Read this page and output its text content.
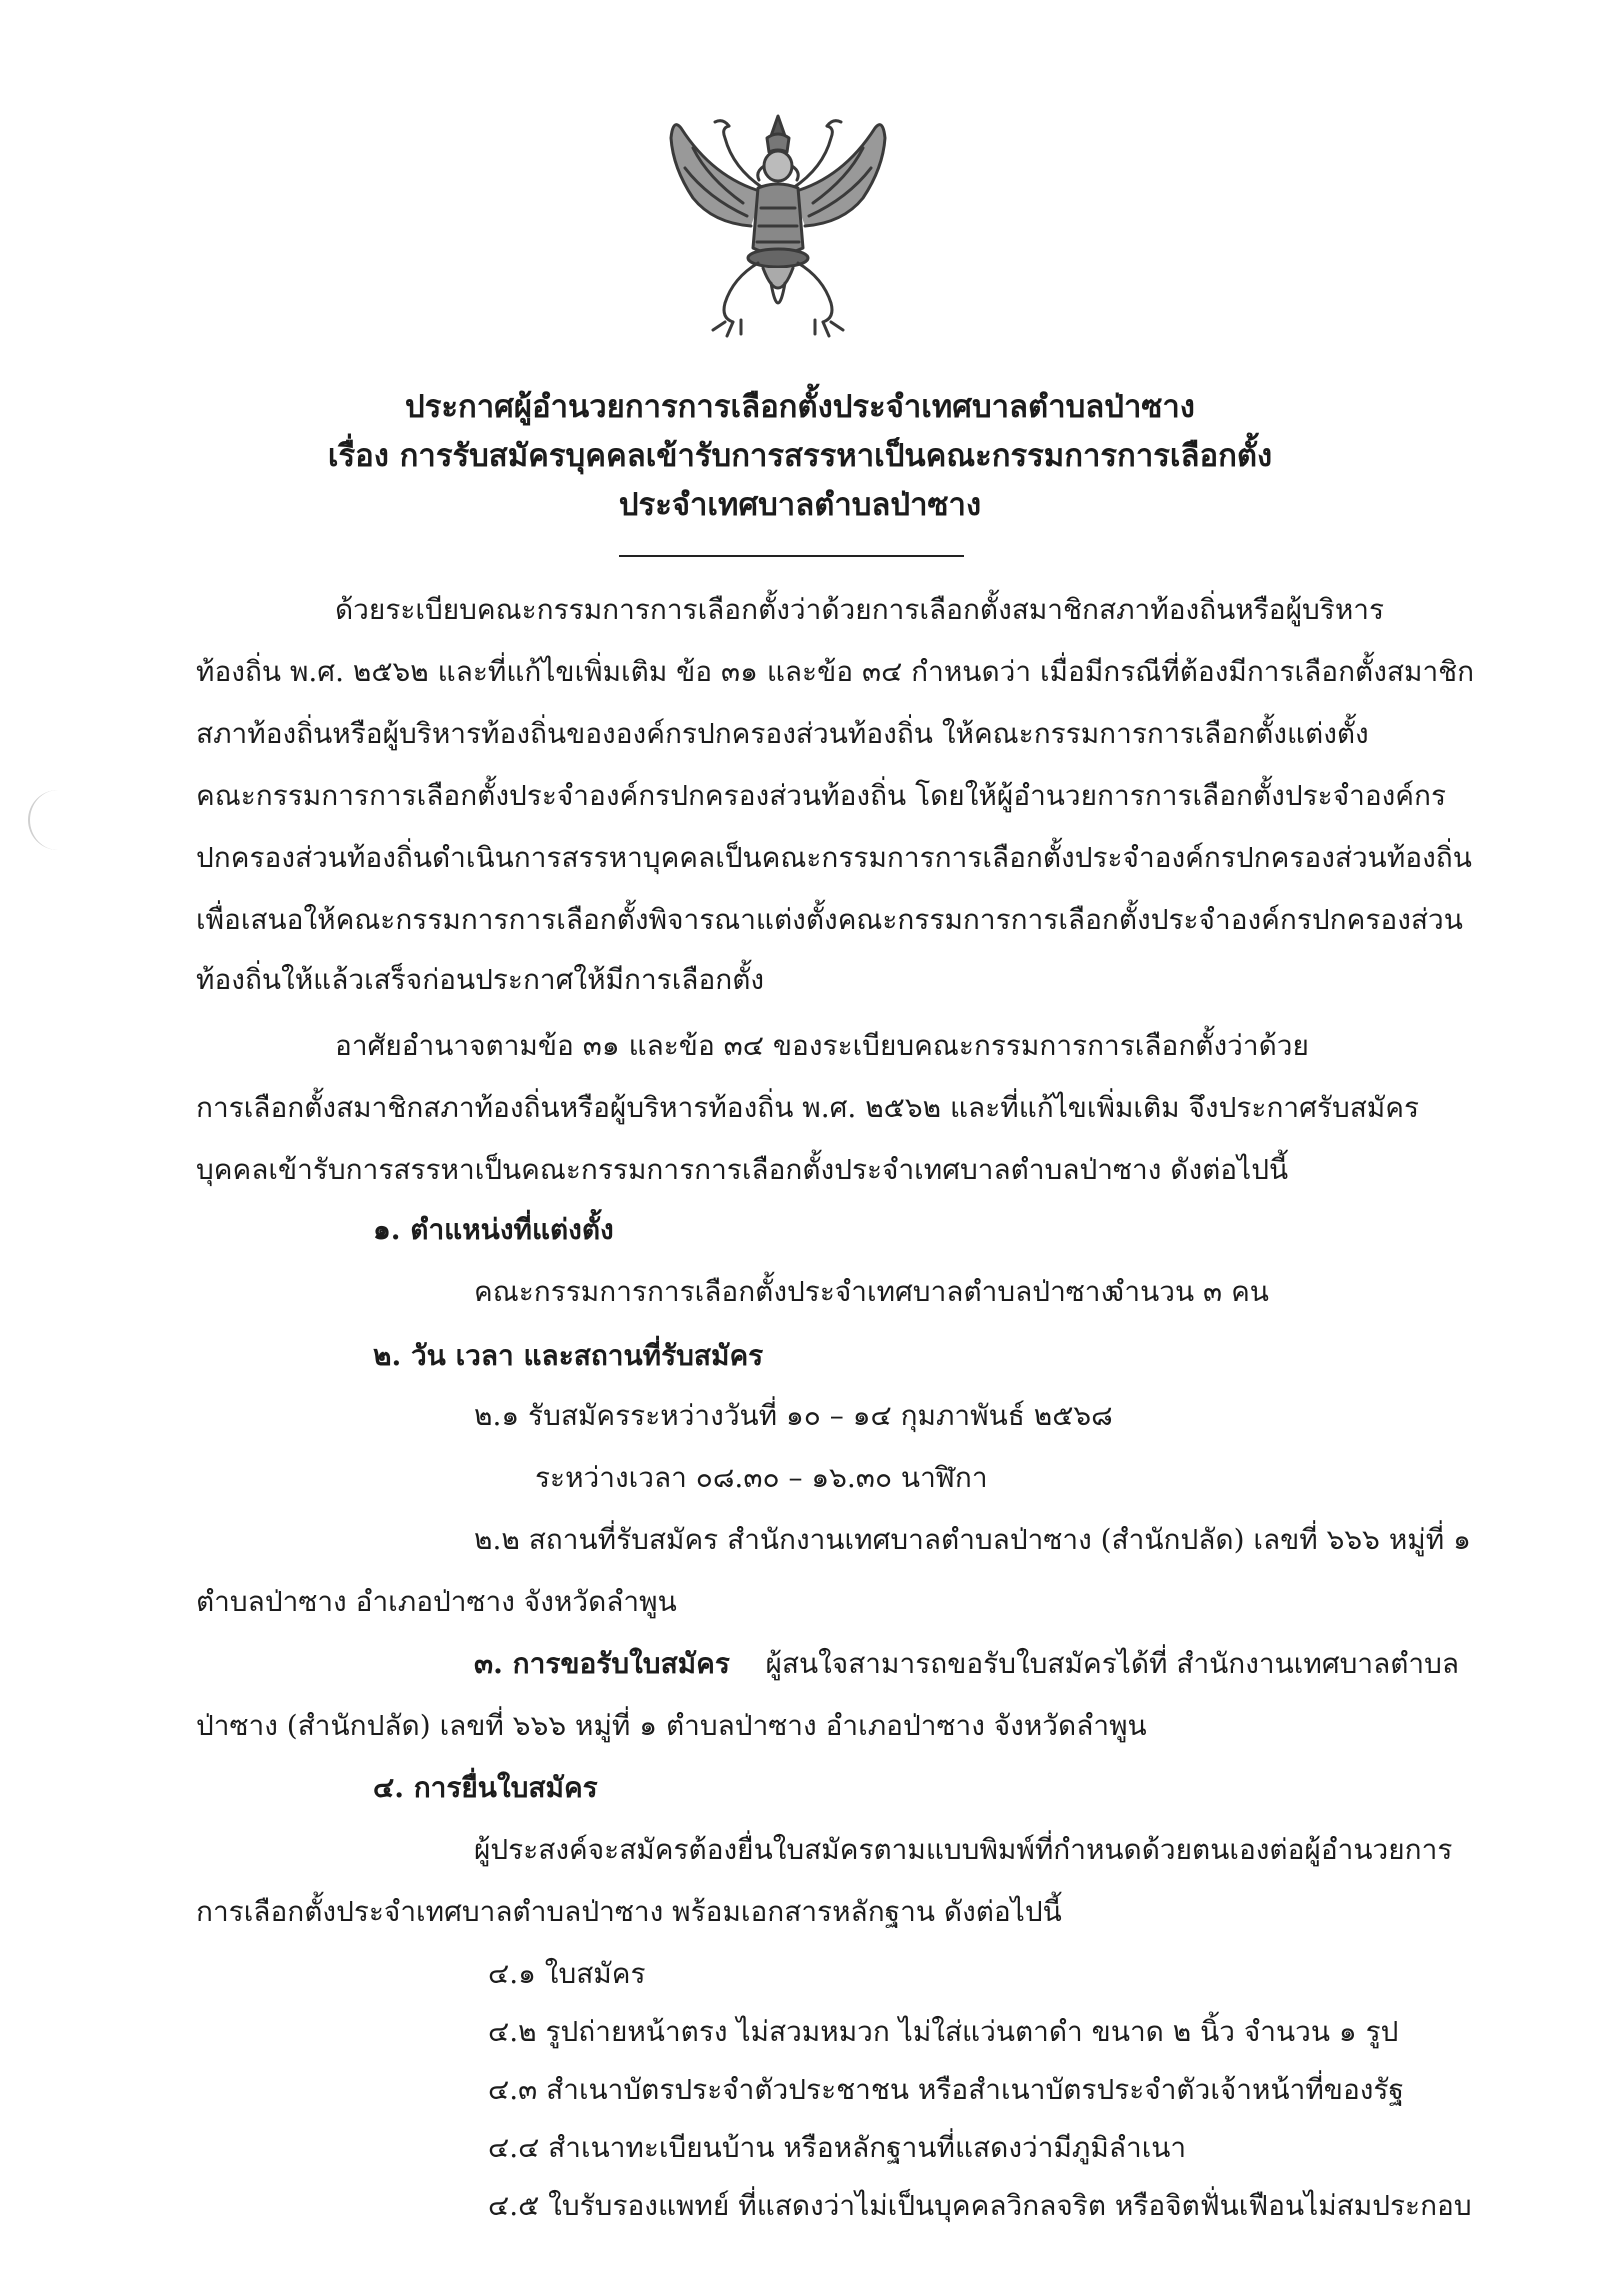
ประกาศผู้อำนวยการการเลือกตั้งประจำเทศบาลตำบลป่าซาง
เรื่อง การรับสมัครบุคคลเข้ารับการสรรหาเป็นคณะกรรมการการเลือกตั้ง
ประจำเทศบาลตำบลป่าซาง
ด้วยระเบียบคณะกรรมการการเลือกตั้งว่าด้วยการเลือกตั้งสมาชิกสภาท้องถิ่นหรือผู้บริหาร
ท้องถิ่น พ.ศ. ๒๕๖๒ และที่แก้ไขเพิ่มเติม ข้อ ๓๑ และข้อ ๓๔ กำหนดว่า เมื่อมีกรณีที่ต้องมีการเลือกตั้งสมาชิก
สภาท้องถิ่นหรือผู้บริหารท้องถิ่นขององค์กรปกครองส่วนท้องถิ่น ให้คณะกรรมการการเลือกตั้งแต่งตั้ง
คณะกรรมการการเลือกตั้งประจำองค์กรปกครองส่วนท้องถิ่น โดยให้ผู้อำนวยการการเลือกตั้งประจำองค์กร
ปกครองส่วนท้องถิ่นดำเนินการสรรหาบุคคลเป็นคณะกรรมการการเลือกตั้งประจำองค์กรปกครองส่วนท้องถิ่น
เพื่อเสนอให้คณะกรรมการการเลือกตั้งพิจารณาแต่งตั้งคณะกรรมการการเลือกตั้งประจำองค์กรปกครองส่วน
ท้องถิ่นให้แล้วเสร็จก่อนประกาศให้มีการเลือกตั้ง
อาศัยอำนาจตามข้อ ๓๑ และข้อ ๓๔ ของระเบียบคณะกรรมการการเลือกตั้งว่าด้วย
การเลือกตั้งสมาชิกสภาท้องถิ่นหรือผู้บริหารท้องถิ่น พ.ศ. ๒๕๖๒ และที่แก้ไขเพิ่มเติม จึงประกาศรับสมัคร
บุคคลเข้ารับการสรรหาเป็นคณะกรรมการการเลือกตั้งประจำเทศบาลตำบลป่าซาง ดังต่อไปนี้
๑. ตำแหน่งที่แต่งตั้ง
คณะกรรมการการเลือกตั้งประจำเทศบาลตำบลป่าซาง
จำนวน ๓ คน
๒. วัน เวลา และสถานที่รับสมัคร
๒.๑ รับสมัครระหว่างวันที่ ๑๐ – ๑๔ กุมภาพันธ์ ๒๕๖๘
ระหว่างเวลา ๐๘.๓๐ – ๑๖.๓๐ นาฬิกา
๒.๒ สถานที่รับสมัคร สำนักงานเทศบาลตำบลป่าซาง (สำนักปลัด) เลขที่ ๖๖๖ หมู่ที่ ๑
ตำบลป่าซาง อำเภอป่าซาง จังหวัดลำพูน
๓. การขอรับใบสมัคร ผู้สนใจสามารถขอรับใบสมัครได้ที่ สำนักงานเทศบาลตำบล
ป่าซาง (สำนักปลัด) เลขที่ ๖๖๖ หมู่ที่ ๑ ตำบลป่าซาง อำเภอป่าซาง จังหวัดลำพูน
๔. การยื่นใบสมัคร
ผู้ประสงค์จะสมัครต้องยื่นใบสมัครตามแบบพิมพ์ที่กำหนดด้วยตนเองต่อผู้อำนวยการ
การเลือกตั้งประจำเทศบาลตำบลป่าซาง พร้อมเอกสารหลักฐาน ดังต่อไปนี้
๔.๑ ใบสมัคร
๔.๒ รูปถ่ายหน้าตรง ไม่สวมหมวก ไม่ใส่แว่นตาดำ ขนาด ๒ นิ้ว จำนวน ๑ รูป
๔.๓ สำเนาบัตรประจำตัวประชาชน หรือสำเนาบัตรประจำตัวเจ้าหน้าที่ของรัฐ
๔.๔ สำเนาทะเบียนบ้าน หรือหลักฐานที่แสดงว่ามีภูมิลำเนา
๔.๕ ใบรับรองแพทย์ ที่แสดงว่าไม่เป็นบุคคลวิกลจริต หรือจิตฟั่นเฟือนไม่สมประกอบ
